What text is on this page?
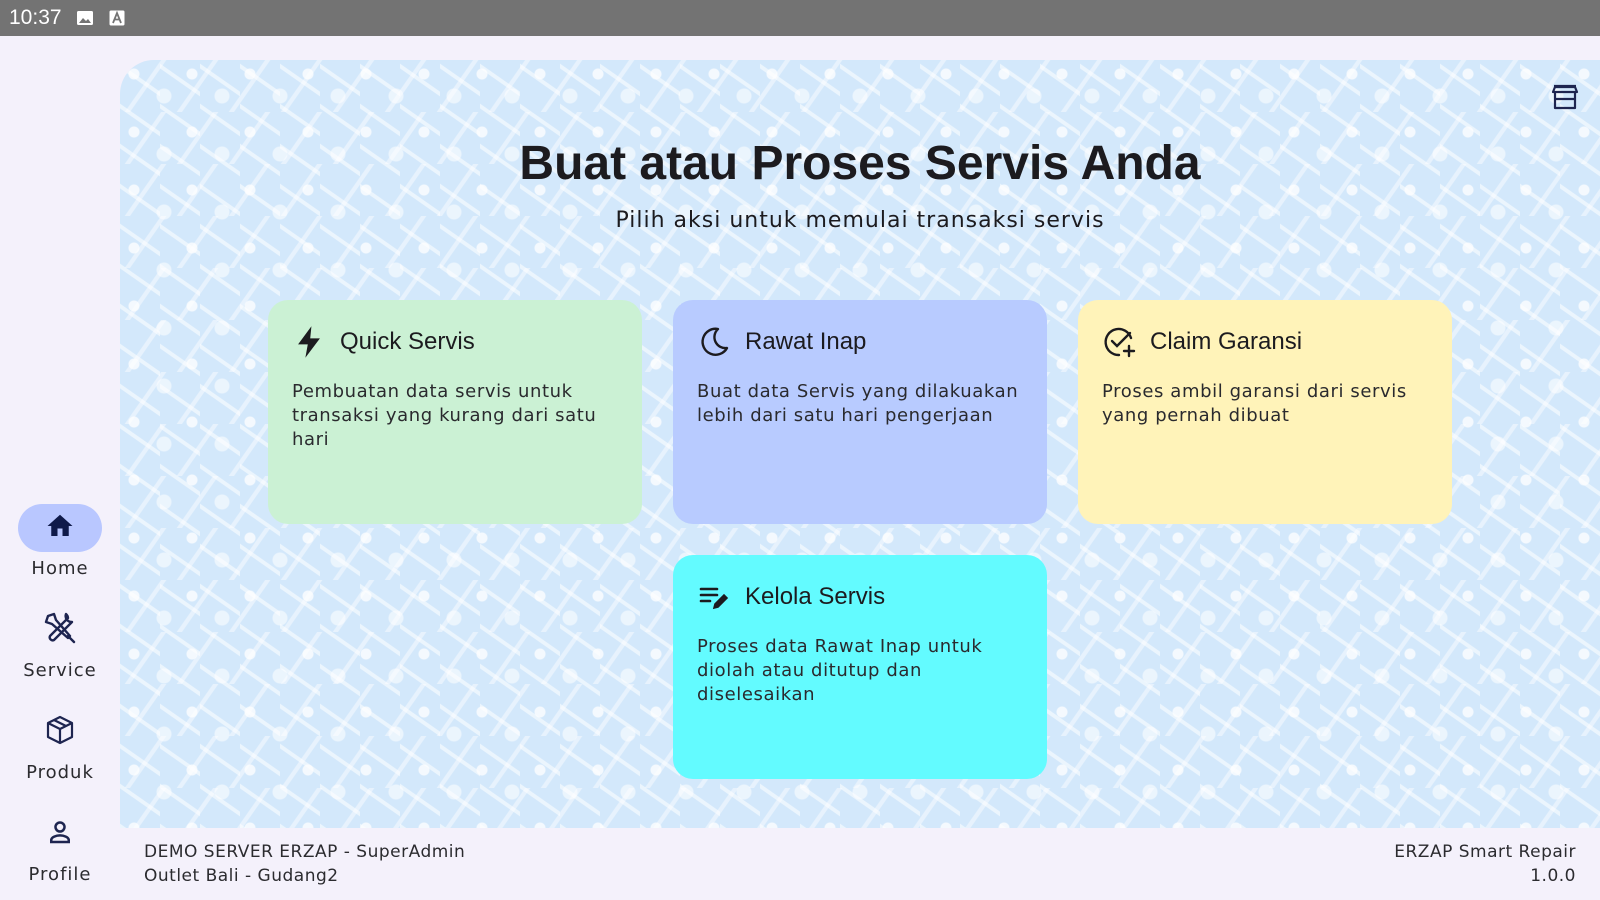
10:37
Home
Service
Produk
Profile
Buat atau Proses Servis Anda

Pilih aksi untuk memulai transaksi servis

Quick Servis

Pembuatan data servis untuk transaksi yang kurang dari satu hari

Rawat Inap

Buat data Servis yang dilakuakan lebih dari satu hari pengerjaan

Claim Garansi

Proses ambil garansi dari servis yang pernah dibuat

Kelola Servis

Proses data Rawat Inap untuk diolah atau ditutup dan diselesaikan

DEMO SERVER ERZAP - SuperAdmin
Outlet Bali - Gudang2
ERZAP Smart Repair
1.0.0
